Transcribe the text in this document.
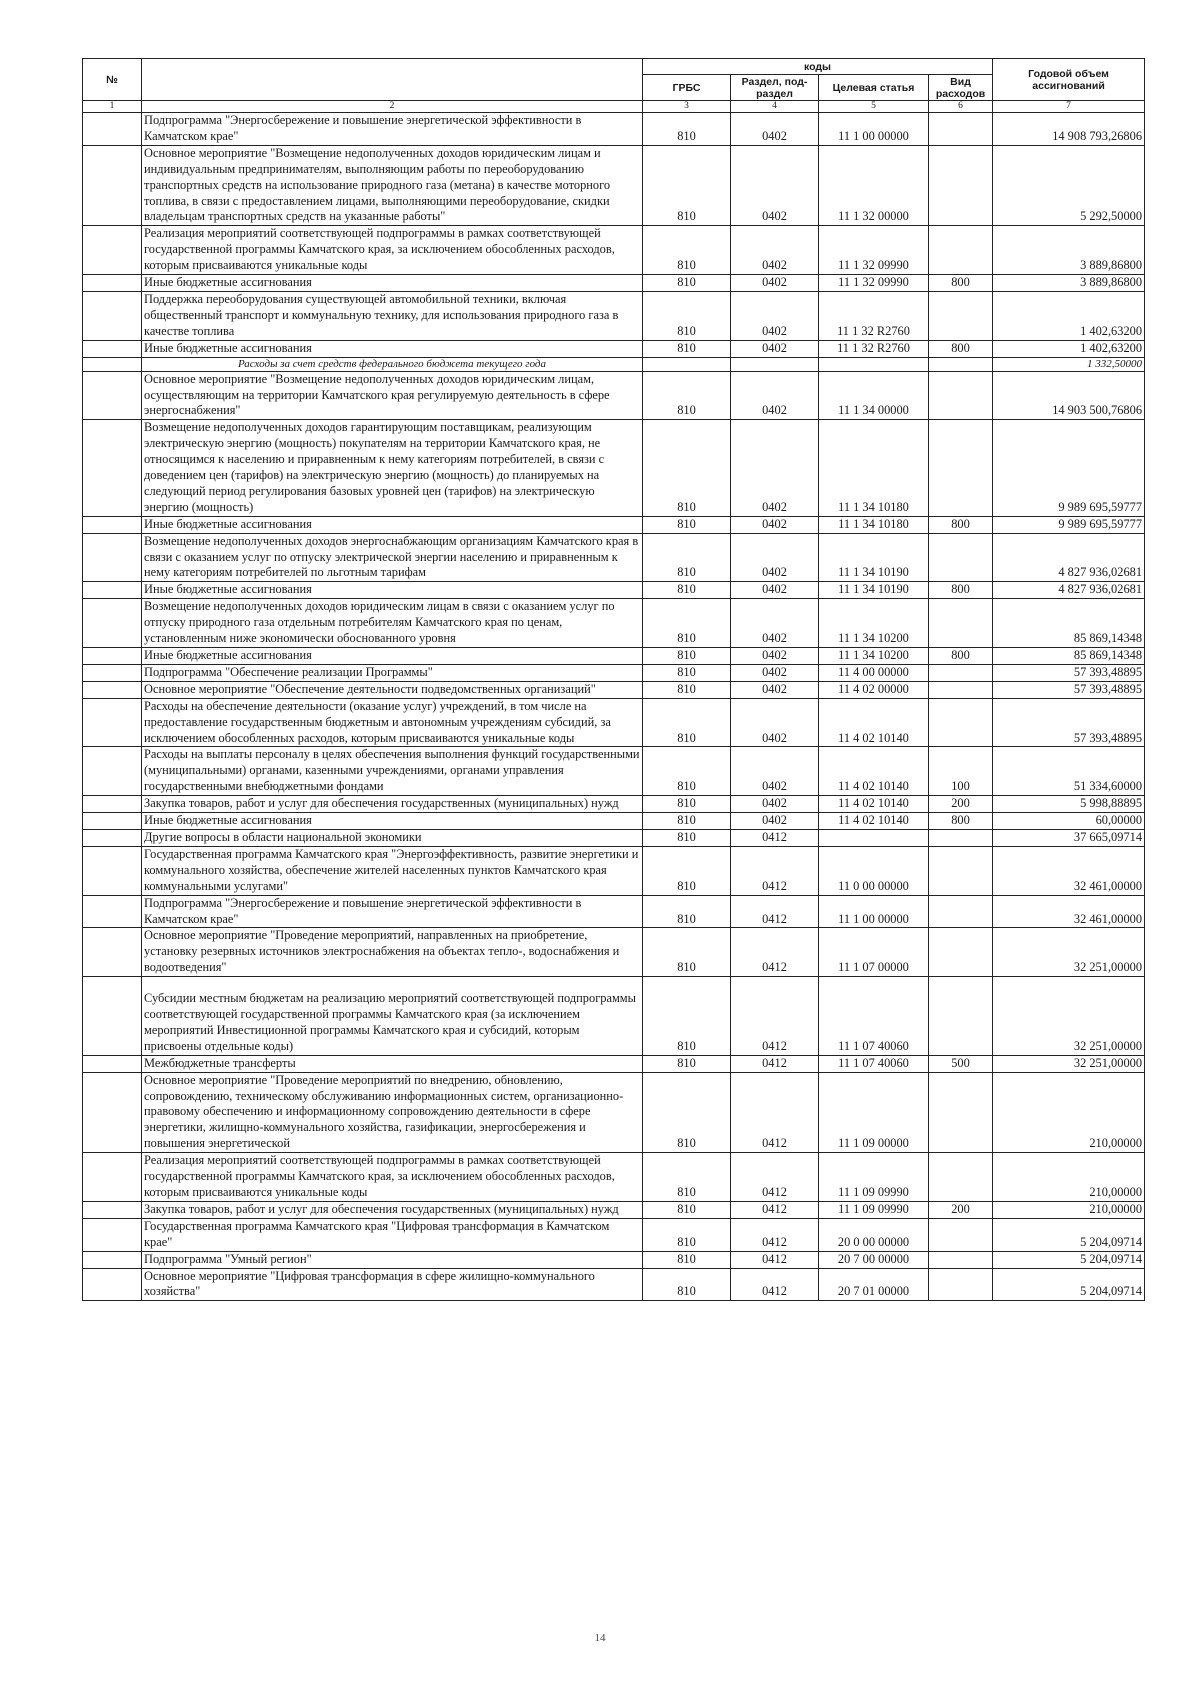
№		коды				Годовой объем ассигнований
		ГРБС	Раздел, под-раздел	Целевая статья	Вид расходов	
1	2	3	4	5	6	7
	Подпрограмма "Энергосбережение и повышение энергетической эффективности в Камчатском крае"	810	0402	11 1 00 00000		14 908 793,26806
	Основное мероприятие "Возмещение недополученных доходов юридическим лицам и индивидуальным предпринимателям, выполняющим работы по переоборудованию транспортных средств на использование природного газа (метана) в качестве моторного топлива, в связи с предоставлением лицами, выполняющими переоборудование, скидки владельцам транспортных средств на указанные работы"	810	0402	11 1 32 00000		5 292,50000
	Реализация мероприятий соответствующей подпрограммы в рамках соответствующей государственной программы Камчатского края, за исключением обособленных расходов, которым присваиваются уникальные коды	810	0402	11 1 32 09990		3 889,86800
	Иные бюджетные ассигнования	810	0402	11 1 32 09990	800	3 889,86800
	Поддержка переоборудования существующей автомобильной техники, включая общественный транспорт и коммунальную технику, для использования природного газа в качестве топлива	810	0402	11 1 32 R2760		1 402,63200
	Иные бюджетные ассигнования	810	0402	11 1 32 R2760	800	1 402,63200
	Расходы за счет средств федерального бюджета текущего года					1 332,50000
	Основное мероприятие "Возмещение недополученных доходов юридическим лицам, осуществляющим на территории Камчатского края регулируемую деятельность в сфере энергоснабжения"	810	0402	11 1 34 00000		14 903 500,76806
	Возмещение недополученных доходов гарантирующим поставщикам, реализующим электрическую энергию (мощность) покупателям на территории Камчатского края, не относящимся к населению и приравненным к нему категориям потребителей, в связи с доведением цен (тарифов) на электрическую энергию (мощность) до планируемых на следующий период регулирования базовых уровней цен (тарифов) на электрическую энергию (мощность)	810	0402	11 1 34 10180		9 989 695,59777
	Иные бюджетные ассигнования	810	0402	11 1 34 10180	800	9 989 695,59777
	Возмещение недополученных доходов энергоснабжающим организациям Камчатского края в связи с оказанием услуг по отпуску электрической энергии населению и приравненным к нему категориям потребителей по льготным тарифам	810	0402	11 1 34 10190		4 827 936,02681
	Иные бюджетные ассигнования	810	0402	11 1 34 10190	800	4 827 936,02681
	Возмещение недополученных доходов юридическим лицам в связи с оказанием услуг по отпуску природного газа отдельным потребителям Камчатского края по ценам, установленным ниже экономически обоснованного уровня	810	0402	11 1 34 10200		85 869,14348
	Иные бюджетные ассигнования	810	0402	11 1 34 10200	800	85 869,14348
	Подпрограмма "Обеспечение реализации Программы"	810	0402	11 4 00 00000		57 393,48895
	Основное мероприятие "Обеспечение деятельности подведомственных организаций"	810	0402	11 4 02 00000		57 393,48895
	Расходы на обеспечение деятельности (оказание услуг) учреждений, в том числе на предоставление государственным бюджетным и автономным учреждениям субсидий, за исключением обособленных расходов, которым присваиваются уникальные коды	810	0402	11 4 02 10140		57 393,48895
	Расходы на выплаты персоналу в целях обеспечения выполнения функций государственными (муниципальными) органами, казенными учреждениями, органами управления государственными внебюджетными фондами	810	0402	11 4 02 10140	100	51 334,60000
	Закупка товаров, работ и услуг для обеспечения государственных (муниципальных) нужд	810	0402	11 4 02 10140	200	5 998,88895
	Иные бюджетные ассигнования	810	0402	11 4 02 10140	800	60,00000
	Другие вопросы в области национальной экономики	810	0412			37 665,09714
	Государственная программа Камчатского края "Энергоэффективность, развитие энергетики и коммунального хозяйства, обеспечение жителей населенных пунктов Камчатского края коммунальными услугами"	810	0412	11 0 00 00000		32 461,00000
	Подпрограмма "Энергосбережение и повышение энергетической эффективности в Камчатском крае"	810	0412	11 1 00 00000		32 461,00000
	Основное мероприятие "Проведение мероприятий, направленных на приобретение, установку резервных источников электроснабжения на объектах тепло-, водоснабжения и водоотведения"	810	0412	11 1 07 00000		32 251,00000
	Субсидии местным бюджетам на реализацию мероприятий соответствующей подпрограммы соответствующей государственной программы Камчатского края (за исключением мероприятий Инвестиционной программы Камчатского края и субсидий, которым присвоены отдельные коды)	810	0412	11 1 07 40060		32 251,00000
	Межбюджетные трансферты	810	0412	11 1 07 40060	500	32 251,00000
	Основное мероприятие "Проведение мероприятий по внедрению, обновлению, сопровождению, техническому обслуживанию информационных систем, организационно-правовому обеспечению и информационному сопровождению деятельности в сфере энергетики, жилищно-коммунального хозяйства, газификации, энергосбережения и повышения энергетической	810	0412	11 1 09 00000		210,00000
	Реализация мероприятий соответствующей подпрограммы в рамках соответствующей государственной программы Камчатского края, за исключением обособленных расходов, которым присваиваются уникальные коды	810	0412	11 1 09 09990		210,00000
	Закупка товаров, работ и услуг для обеспечения государственных (муниципальных) нужд	810	0412	11 1 09 09990	200	210,00000
	Государственная программа Камчатского края "Цифровая трансформация в Камчатском крае"	810	0412	20 0 00 00000		5 204,09714
	Подпрограмма "Умный регион"	810	0412	20 7 00 00000		5 204,09714
	Основное мероприятие "Цифровая трансформация в сфере жилищно-коммунального хозяйства"	810	0412	20 7 01 00000		5 204,09714
14
